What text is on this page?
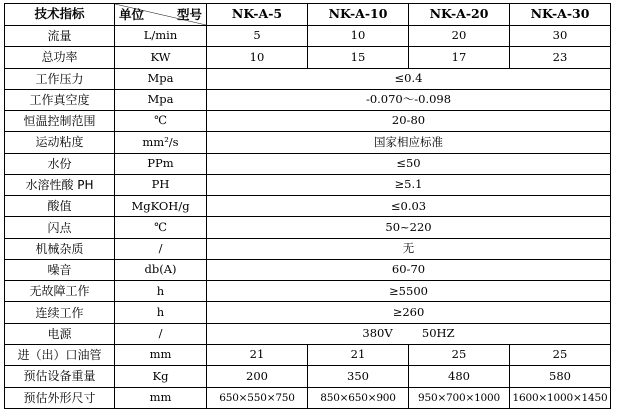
技术指标	单位 型号	NK-A-5	NK-A-10	NK-A-20	NK-A-30
流量	L/min	5	10	20	30
总功率	KW	10	15	17	23
工作压力	Mpa	≤0.4			
工作真空度	Mpa	-0.070～-0.098			
恒温控制范围	℃	20-80			
运动粘度	mm²/s	国家相应标准			
水份	PPm	≤50			
水溶性酸 PH	PH	≥5.1			
酸值	MgKOH/g	≤0.03			
闪点	℃	50~220			
机械杂质	/	无			
噪音	db(A)	60-70			
无故障工作	h	≥5500			
连续工作	h	≥260			
电源	/	380V        50HZ			
进（出）口油管	mm	21	21	25	25
预估设备重量	Kg	200	350	480	580
预估外形尺寸	mm	650×550×750	850×650×900	950×700×1000	1600×1000×1450
